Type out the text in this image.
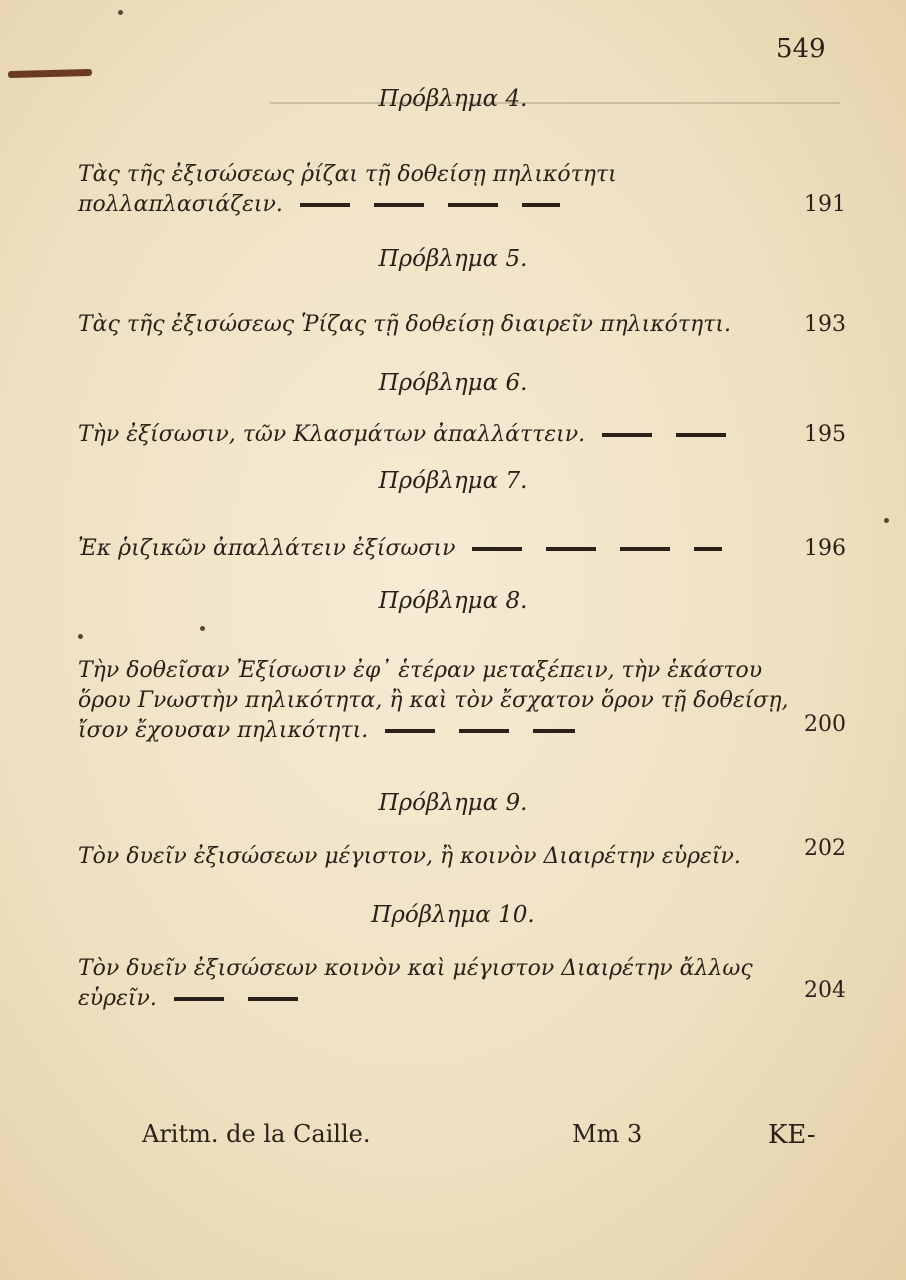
549
Πρόβλημα 4.
Τὰς τῆς ἐξισώσεως ῥίζαι τῇ δοθείσῃ πηλικότητι πολλαπλασιάζειν.	191
Πρόβλημα 5.
Τὰς τῆς ἐξισώσεως Ῥίζας τῇ δοθείσῃ διαιρεῖν πηλικότητι.	193
Πρόβλημα 6.
Τὴν ἐξίσωσιν, τῶν Κλασμάτων ἀπαλλάττειν.	195
Πρόβλημα 7.
Ἐκ ῥιζικῶν ἀπαλλάτειν ἐξίσωσιν	196
Πρόβλημα 8.
Τὴν δοθεῖσαν Ἐξίσωσιν ἐφ᾽ ἑτέραν μεταξέπειν, τὴν ἑκάστου ὅρου Γνωστὴν πηλικότητα, ἢ καὶ τὸν ἔσχατον ὅρον τῇ δοθείσῃ, ἴσον ἔχουσαν πηλικότητι.	200
Πρόβλημα 9.
Τὸν δυεῖν ἐξισώσεων μέγιστον, ἢ κοινὸν Διαιρέτην εὑρεῖν.	202
Πρόβλημα 10.
Τὸν δυεῖν ἐξισώσεων κοινὸν καὶ μέγιστον Διαιρέτην ἄλλως εὑρεῖν.	204
Aritm. de la Caille.	Mm 3	KE-
